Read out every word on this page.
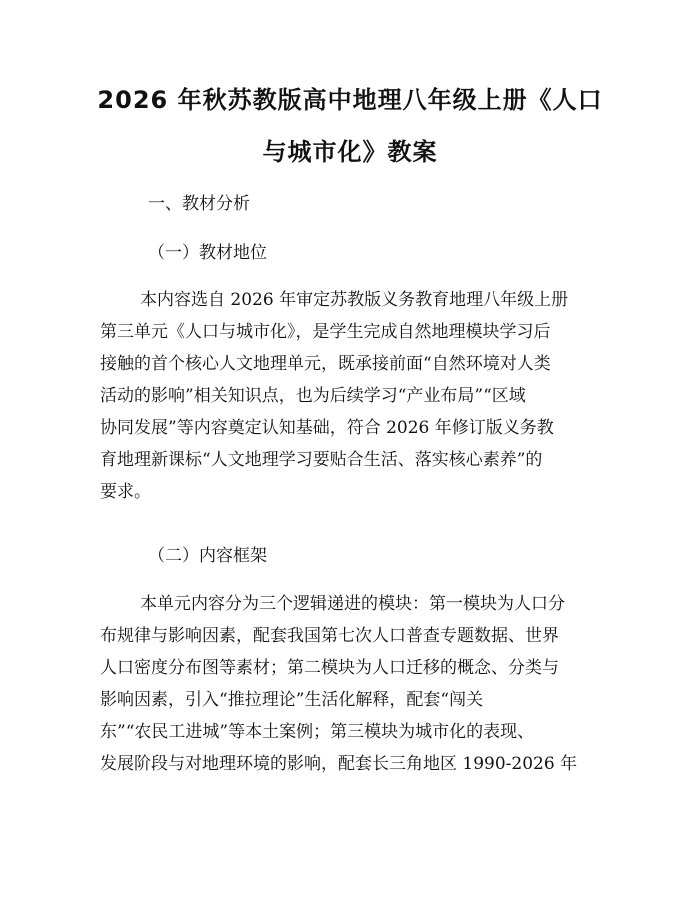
2026 年秋苏教版高中地理八年级上册《人口
与城市化》教案
一、教材分析
（一）教材地位
本内容选自 2026 年审定苏教版义务教育地理八年级上册
第三单元《人口与城市化》，是学生完成自然地理模块学习后
接触的首个核心人文地理单元，既承接前面“自然环境对人类
活动的影响”相关知识点，也为后续学习“产业布局”“区域
协同发展”等内容奠定认知基础，符合 2026 年修订版义务教
育地理新课标“人文地理学习要贴合生活、落实核心素养”的
要求。
（二）内容框架
本单元内容分为三个逻辑递进的模块：第一模块为人口分
布规律与影响因素，配套我国第七次人口普查专题数据、世界
人口密度分布图等素材；第二模块为人口迁移的概念、分类与
影响因素，引入“推拉理论”生活化解释，配套“闯关
东”“农民工进城”等本土案例；第三模块为城市化的表现、
发展阶段与对地理环境的影响，配套长三角地区 1990-2026 年
